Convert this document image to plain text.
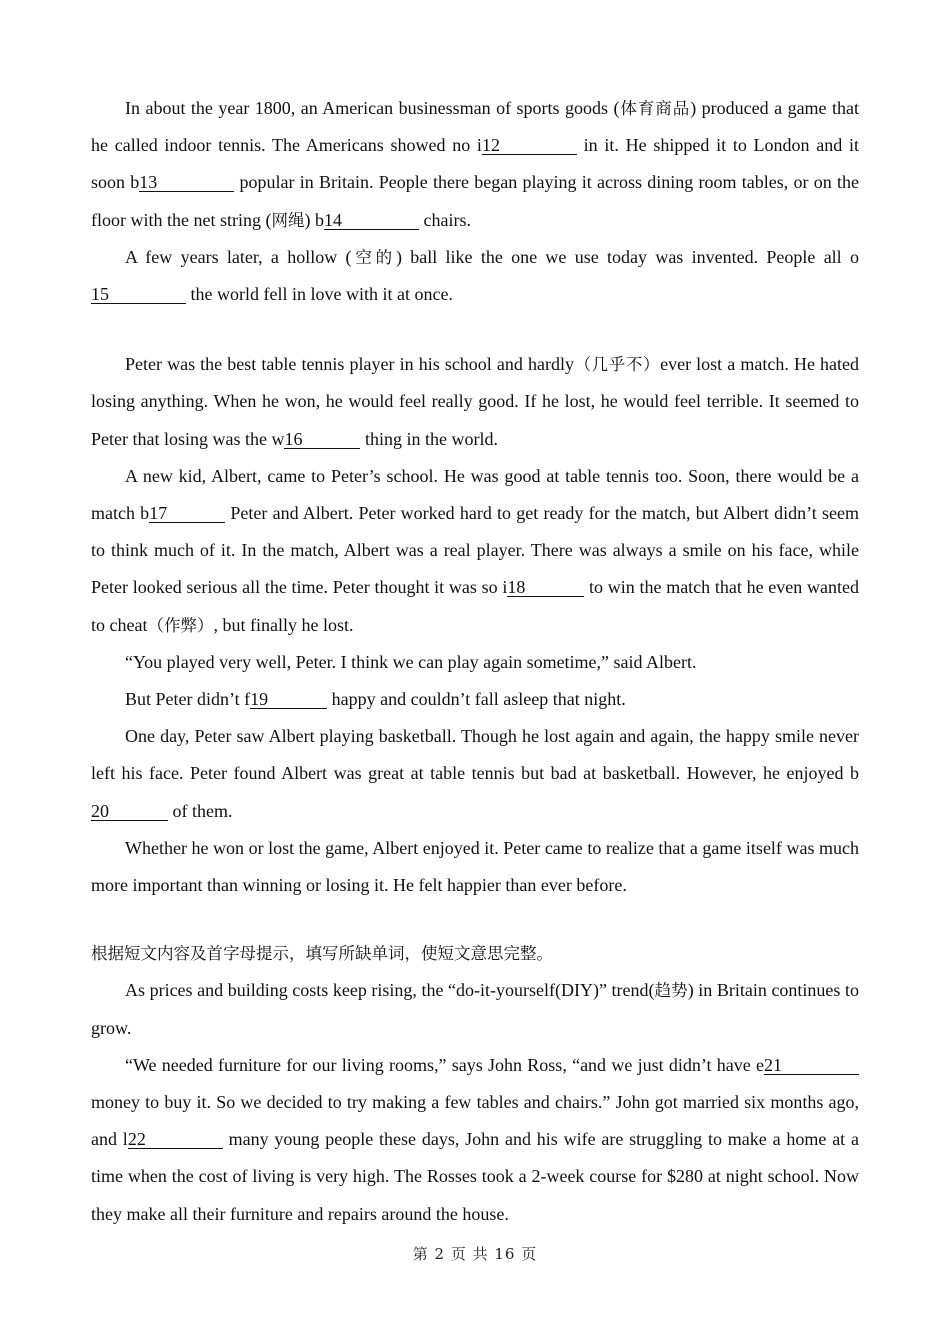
In about the year 1800, an American businessman of sports goods (体育商品) produced a game that he called indoor tennis. The Americans showed no i12	in it. He shipped it to London and it soon b13	popular in Britain. People there began playing it across dining room tables, or on the floor with the net string (网绳) b14	chairs.

A few years later, a hollow (空的) ball like the one we use today was invented. People all o15	the world fell in love with it at once.

Peter was the best table tennis player in his school and hardly（几乎不）ever lost a match. He hated losing anything. When he won, he would feel really good. If he lost, he would feel terrible. It seemed to Peter that losing was the w16	thing in the world.

A new kid, Albert, came to Peter’s school. He was good at table tennis too. Soon, there would be a match b17	Peter and Albert. Peter worked hard to get ready for the match, but Albert didn’t seem to think much of it. In the match, Albert was a real player. There was always a smile on his face, while Peter looked serious all the time. Peter thought it was so i18	to win the match that he even wanted to cheat（作弊）, but finally he lost.

“You played very well, Peter. I think we can play again sometime,” said Albert.

But Peter didn’t f19	happy and couldn’t fall asleep that night.

One day, Peter saw Albert playing basketball. Though he lost again and again, the happy smile never left his face. Peter found Albert was great at table tennis but bad at basketball. However, he enjoyed b20	of them.

Whether he won or lost the game, Albert enjoyed it. Peter came to realize that a game itself was much more important than winning or losing it. He felt happier than ever before.

根据短文内容及首字母提示，填写所缺单词，使短文意思完整。

As prices and building costs keep rising, the “do-it-yourself(DIY)” trend(趋势) in Britain continues to grow.

“We needed furniture for our living rooms,” says John Ross, “and we just didn’t have e21 money to buy it. So we decided to try making a few tables and chairs.” John got married six months ago, and l22	many young people these days, John and his wife are struggling to make a home at a time when the cost of living is very high. The Rosses took a 2-week course for $280 at night school. Now they make all their furniture and repairs around the house.

第 2 页 共 16 页
